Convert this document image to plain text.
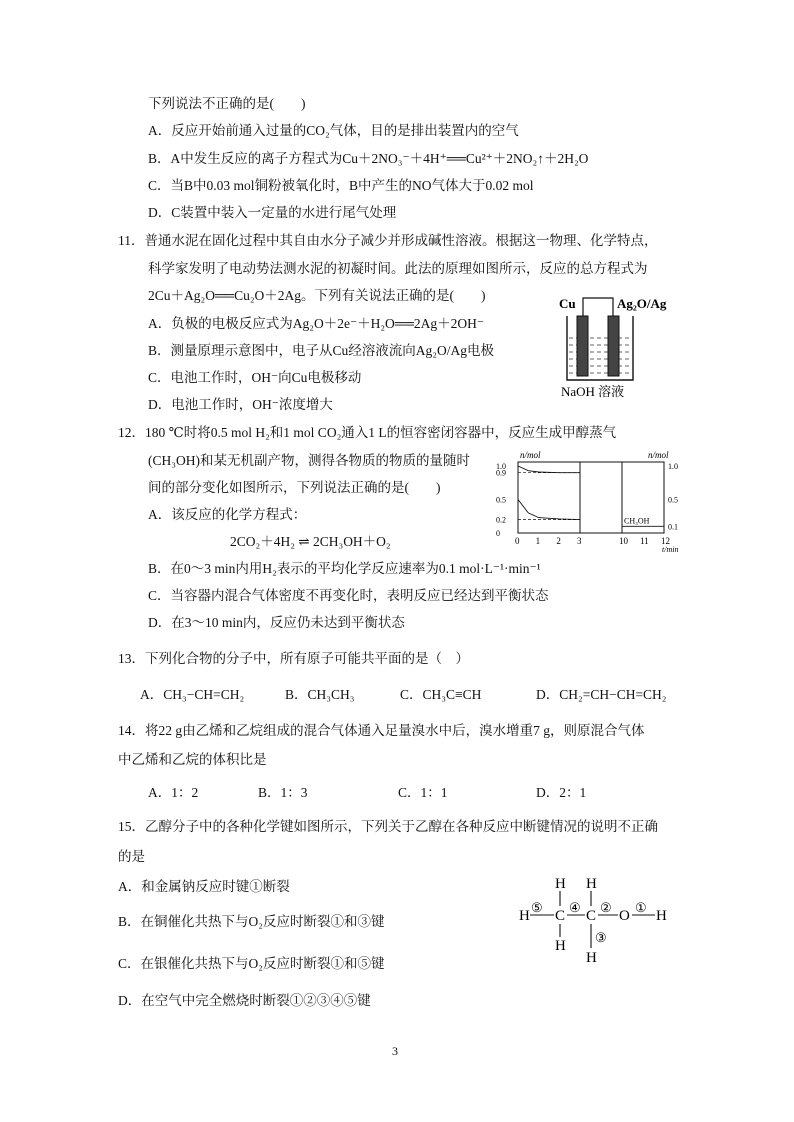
下列说法不正确的是(　　)
A．反应开始前通入过量的CO₂气体，目的是排出装置内的空气
B．A中发生反应的离子方程式为Cu＋2NO₃⁻＋4H⁺══Cu²⁺＋2NO₂↑＋2H₂O
C．当B中0.03 mol铜粉被氧化时，B中产生的NO气体大于0.02 mol
D．C装置中装入一定量的水进行尾气处理
11．普通水泥在固化过程中其自由水分子减少并形成碱性溶液。根据这一物理、化学特点，
科学家发明了电动势法测水泥的初凝时间。此法的原理如图所示，反应的总方程式为
2Cu＋Ag₂O══Cu₂O＋2Ag。下列有关说法正确的是(　　)
A．负极的电极反应式为Ag₂O＋2e⁻＋H₂O══2Ag＋2OH⁻
B．测量原理示意图中，电子从Cu经溶液流向Ag₂O/Ag电极
C．电池工作时，OH⁻向Cu电极移动
D．电池工作时，OH⁻浓度增大
Cu	Ag₂O/Ag
NaOH 溶液
12．180 ℃时将0.5 mol H₂和1 mol CO₂通入1 L的恒容密闭容器中，反应生成甲醇蒸气
(CH₃OH)和某无机副产物，测得各物质的物质的量随时
间的部分变化如图所示，下列说法正确的是(　　)
A．该反应的化学方程式：
2CO₂＋4H₂ ⇌ 2CH₃OH＋O₂
B．在0～3 min内用H₂表示的平均化学反应速率为0.1 mol·L⁻¹·min⁻¹
C．当容器内混合气体密度不再变化时，表明反应已经达到平衡状态
D．在3～10 min内，反应仍未达到平衡状态
n/mol	n/mol
t/min
0 1 2 3	10 11 12
1.0
0.9
0.5
0.2
0
1.0
0.5
0.1
CH₃OH
13．下列化合物的分子中，所有原子可能共平面的是（　）
A．CH₃−CH=CH₂	B．CH₃CH₃	C．CH₃C≡CH	D．CH₂=CH−CH=CH₂
14．将22 g由乙烯和乙烷组成的混合气体通入足量溴水中后，溴水增重7 g，则原混合气体
中乙烯和乙烷的体积比是
A．1：2	B．1：3	C．1：1	D．2：1
15．乙醇分子中的各种化学键如图所示，下列关于乙醇在各种反应中断键情况的说明不正确
的是
A．和金属钠反应时键①断裂
B．在铜催化共热下与O₂反应时断裂①和③键
C．在银催化共热下与O₂反应时断裂①和⑤键
D．在空气中完全燃烧时断裂①②③④⑤键
H H
H C C O H
H
H
⑤ ④ ② ①
③
3
